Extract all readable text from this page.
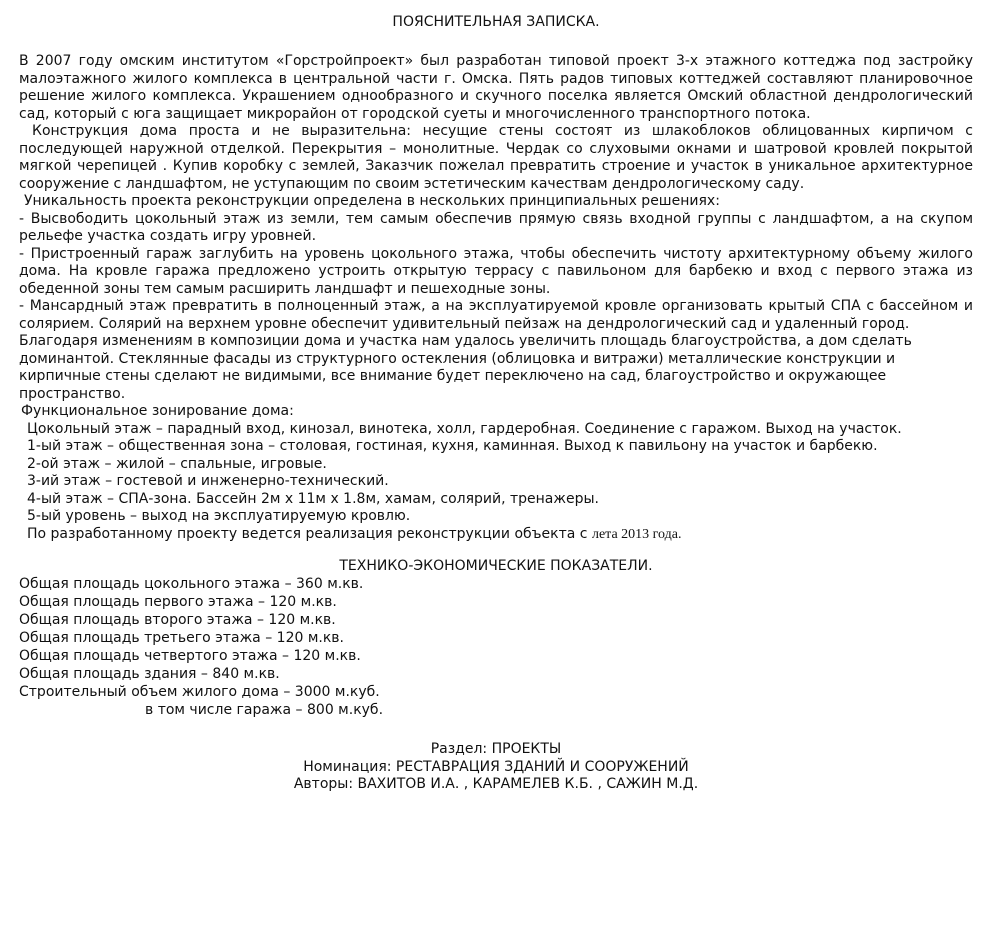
ПОЯСНИТЕЛЬНАЯ ЗАПИСКА.

В 2007 году омским институтом «Горстройпроект» был разработан типовой проект 3-х этажного коттеджа под застройку малоэтажного жилого комплекса в центральной части г. Омска. Пять радов типовых коттеджей составляют планировочное решение жилого комплекса. Украшением однообразного и скучного поселка является Омский областной дендрологический сад, который с юга защищает микрорайон от городской суеты и многочисленного транспортного потока.

Конструкция дома проста и не выразительна: несущие стены состоят из шлакоблоков облицованных кирпичом с последующей наружной отделкой. Перекрытия – монолитные. Чердак со слуховыми окнами и шатровой кровлей покрытой мягкой черепицей . Купив коробку с землей, Заказчик пожелал превратить строение и участок в уникальное архитектурное сооружение с ландшафтом, не уступающим по своим эстетическим качествам дендрологическому саду.

Уникальность проекта реконструкции определена в нескольких принципиальных решениях:

- Высвободить цокольный этаж из земли, тем самым обеспечив прямую связь входной группы с ландшафтом, а на скупом рельефе участка создать игру уровней.

- Пристроенный гараж заглубить на уровень цокольного этажа, чтобы обеспечить чистоту архитектурному объему жилого дома. На кровле гаража предложено устроить открытую террасу с павильоном для барбекю и вход с первого этажа из обеденной зоны тем самым расширить ландшафт и пешеходные зоны.

- Мансардный этаж превратить в полноценный этаж, а на эксплуатируемой кровле организовать крытый СПА с бассейном и солярием. Солярий на верхнем уровне обеспечит удивительный пейзаж на дендрологический сад и удаленный город.

Благодаря изменениям в композиции дома и участка нам удалось увеличить площадь благоустройства, а дом сделать доминантой. Стеклянные фасады из структурного остекления (облицовка и витражи) металлические конструкции и кирпичные стены сделают не видимыми, все внимание будет переключено на сад, благоустройство и окружающее пространство.

Функциональное зонирование дома:
Цокольный этаж – парадный вход, кинозал, винотека, холл, гардеробная. Соединение с гаражом. Выход на участок.
1-ый этаж – общественная зона – столовая, гостиная, кухня, каминная. Выход к павильону на участок и барбекю.
2-ой этаж – жилой – спальные, игровые.
3-ий этаж – гостевой и инженерно-технический.
4-ый этаж – СПА-зона. Бассейн 2м х 11м х 1.8м, хамам, солярий, тренажеры.
5-ый уровень – выход на эксплуатируемую кровлю.
По разработанному проекту ведется реализация реконструкции объекта с лета 2013 года.
ТЕХНИКО-ЭКОНОМИЧЕСКИЕ ПОКАЗАТЕЛИ.
Общая площадь цокольного этажа – 360 м.кв.
Общая площадь первого этажа – 120 м.кв.
Общая площадь второго этажа – 120 м.кв.
Общая площадь третьего этажа – 120 м.кв.
Общая площадь четвертого этажа – 120 м.кв.
Общая площадь здания – 840 м.кв.
Строительный объем жилого дома – 3000 м.куб.
в том числе гаража – 800 м.куб.
Раздел: ПРОЕКТЫ
Номинация: РЕСТАВРАЦИЯ ЗДАНИЙ И СООРУЖЕНИЙ
Авторы: ВАХИТОВ И.А. , КАРАМЕЛЕВ К.Б. , САЖИН М.Д.
